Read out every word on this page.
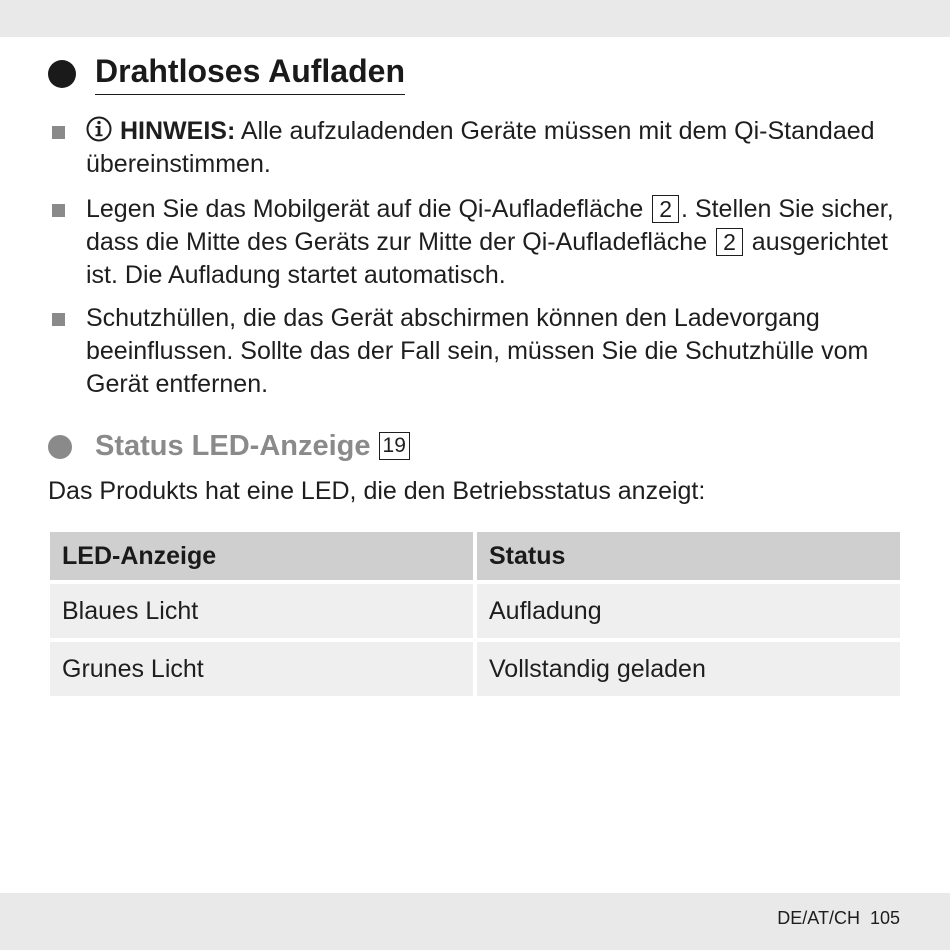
Drahtloses Aufladen
HINWEIS: Alle aufzuladenden Geräte müssen mit dem Qi-Standaed übereinstimmen.
Legen Sie das Mobilgerät auf die Qi-Aufladefläche 2 . Stellen Sie sicher, dass die Mitte des Geräts zur Mitte der Qi-Aufladefläche 2 ausgerichtet ist. Die Aufladung startet automatisch.
Schutzhüllen, die das Gerät abschirmen können den Ladevorgang beeinflussen. Sollte das der Fall sein, müssen Sie die Schutzhülle vom Gerät entfernen.
Status LED-Anzeige 19
Das Produkts hat eine LED, die den Betriebsstatus anzeigt:
LED-Anzeige	Status
Blaues Licht	Aufladung
Grunes Licht	Vollstandig geladen
DE/AT/CH 105
